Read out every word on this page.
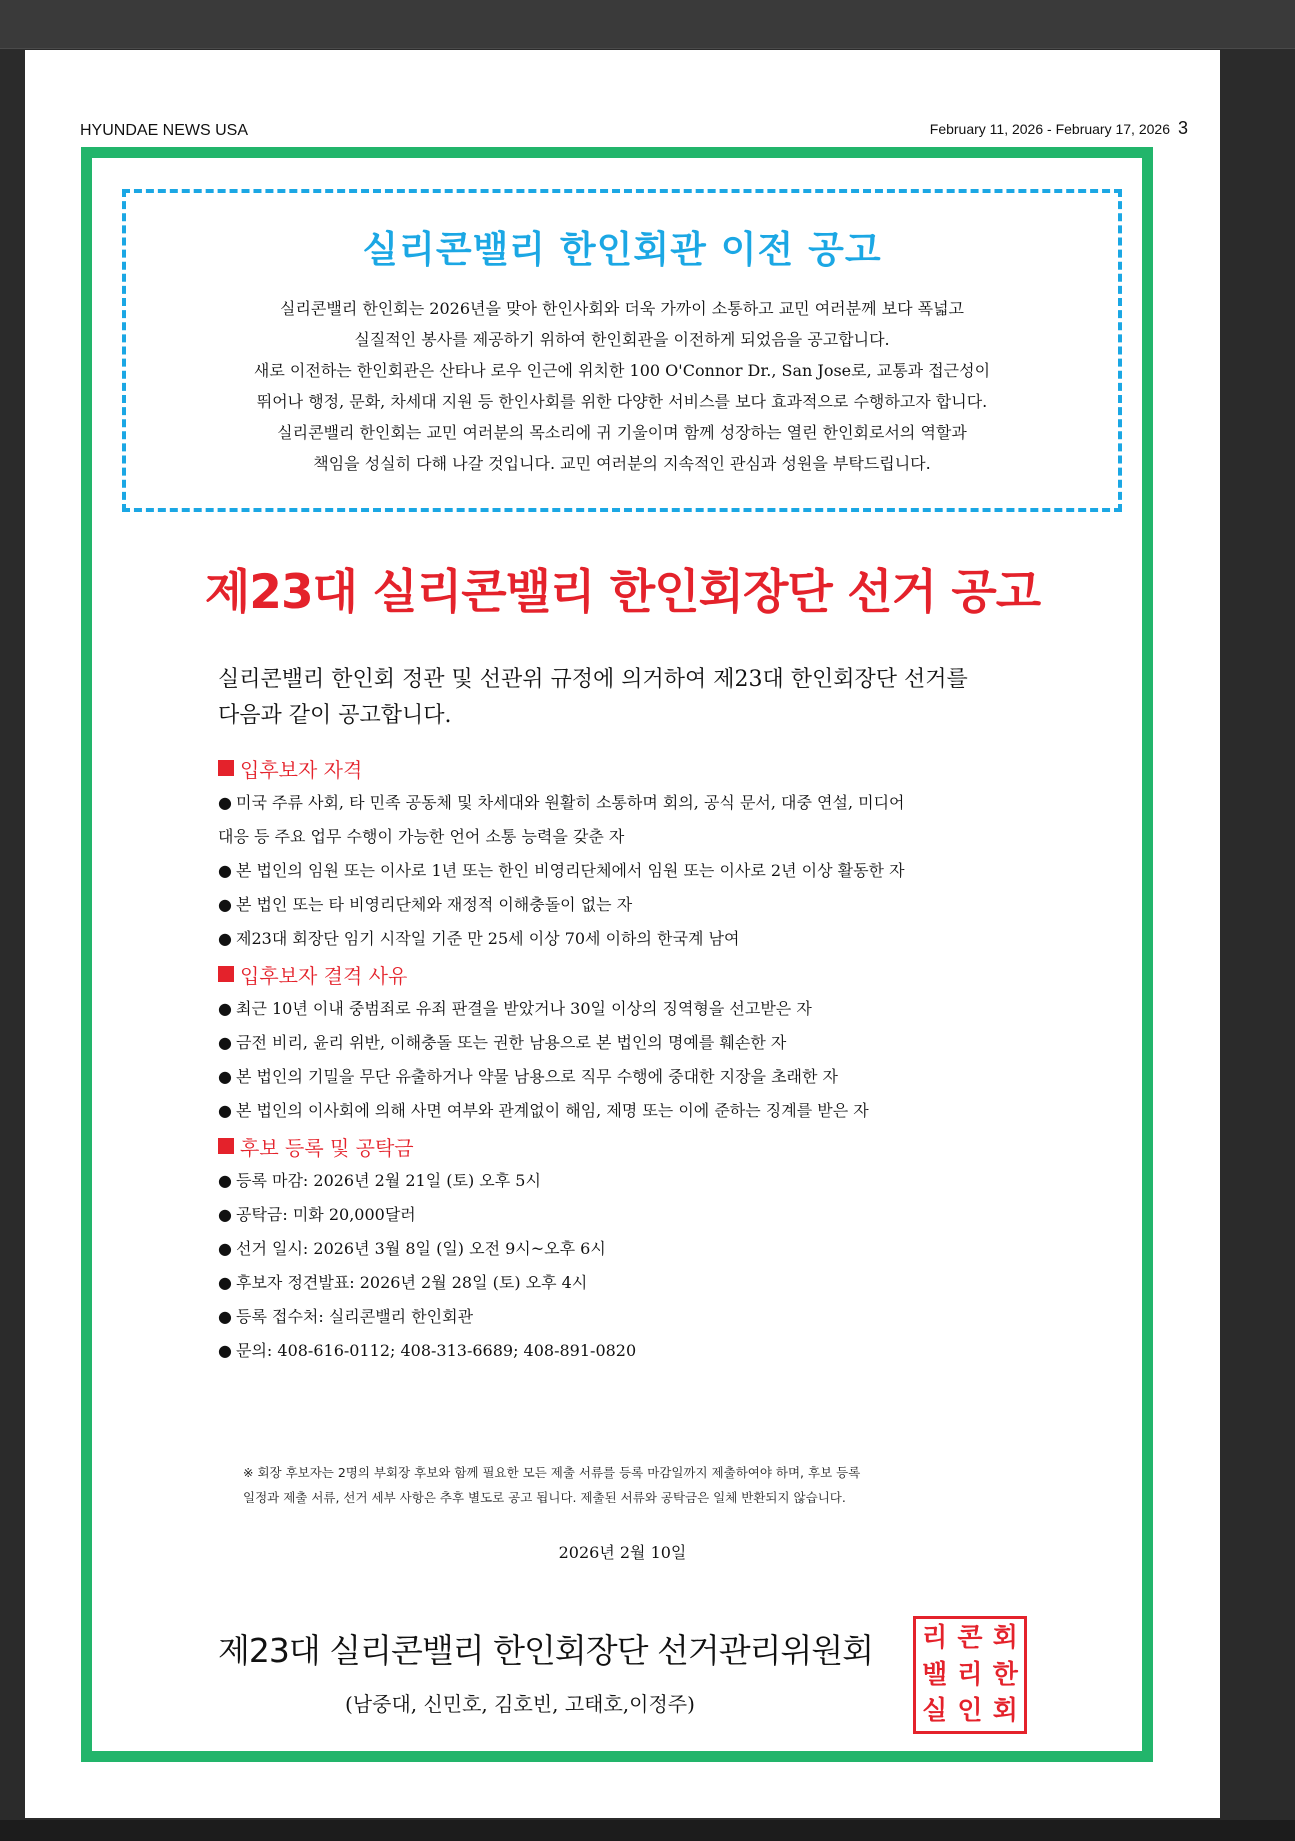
HYUNDAE NEWS USA	February 11, 2026 - February 17, 2026 3
실리콘밸리 한인회관 이전 공고
실리콘밸리 한인회는 2026년을 맞아 한인사회와 더욱 가까이 소통하고 교민 여러분께 보다 폭넓고
실질적인 봉사를 제공하기 위하여 한인회관을 이전하게 되었음을 공고합니다.
새로 이전하는 한인회관은 산타나 로우 인근에 위치한 100 O'Connor Dr., San Jose로, 교통과 접근성이
뛰어나 행정, 문화, 차세대 지원 등 한인사회를 위한 다양한 서비스를 보다 효과적으로 수행하고자 합니다.
실리콘밸리 한인회는 교민 여러분의 목소리에 귀 기울이며 함께 성장하는 열린 한인회로서의 역할과
책임을 성실히 다해 나갈 것입니다. 교민 여러분의 지속적인 관심과 성원을 부탁드립니다.
제23대 실리콘밸리 한인회장단 선거 공고
실리콘밸리 한인회 정관 및 선관위 규정에 의거하여 제23대 한인회장단 선거를
다음과 같이 공고합니다.
입후보자 자격
● 미국 주류 사회, 타 민족 공동체 및 차세대와 원활히 소통하며 회의, 공식 문서, 대중 연설, 미디어
대응 등 주요 업무 수행이 가능한 언어 소통 능력을 갖춘 자
● 본 법인의 임원 또는 이사로 1년 또는 한인 비영리단체에서 임원 또는 이사로 2년 이상 활동한 자
● 본 법인 또는 타 비영리단체와 재정적 이해충돌이 없는 자
● 제23대 회장단 임기 시작일 기준 만 25세 이상 70세 이하의 한국계 남여
입후보자 결격 사유
● 최근 10년 이내 중범죄로 유죄 판결을 받았거나 30일 이상의 징역형을 선고받은 자
● 금전 비리, 윤리 위반, 이해충돌 또는 권한 남용으로 본 법인의 명예를 훼손한 자
● 본 법인의 기밀을 무단 유출하거나 약물 남용으로 직무 수행에 중대한 지장을 초래한 자
● 본 법인의 이사회에 의해 사면 여부와 관계없이 해임, 제명 또는 이에 준하는 징계를 받은 자
후보 등록 및 공탁금
● 등록 마감: 2026년 2월 21일 (토) 오후 5시
● 공탁금: 미화 20,000달러
● 선거 일시: 2026년 3월 8일 (일) 오전 9시~오후 6시
● 후보자 정견발표: 2026년 2월 28일 (토) 오후 4시
● 등록 접수처: 실리콘밸리 한인회관
● 문의: 408-616-0112; 408-313-6689; 408-891-0820
※ 회장 후보자는 2명의 부회장 후보와 함께 필요한 모든 제출 서류를 등록 마감일까지 제출하여야 하며, 후보 등록
일정과 제출 서류, 선거 세부 사항은 추후 별도로 공고 됩니다. 제출된 서류와 공탁금은 일체 반환되지 않습니다.
2026년 2월 10일
제23대 실리콘밸리 한인회장단 선거관리위원회
(남중대, 신민호, 김호빈, 고태호,이정주)
리 콘 회
밸 리 한
실 인 회
